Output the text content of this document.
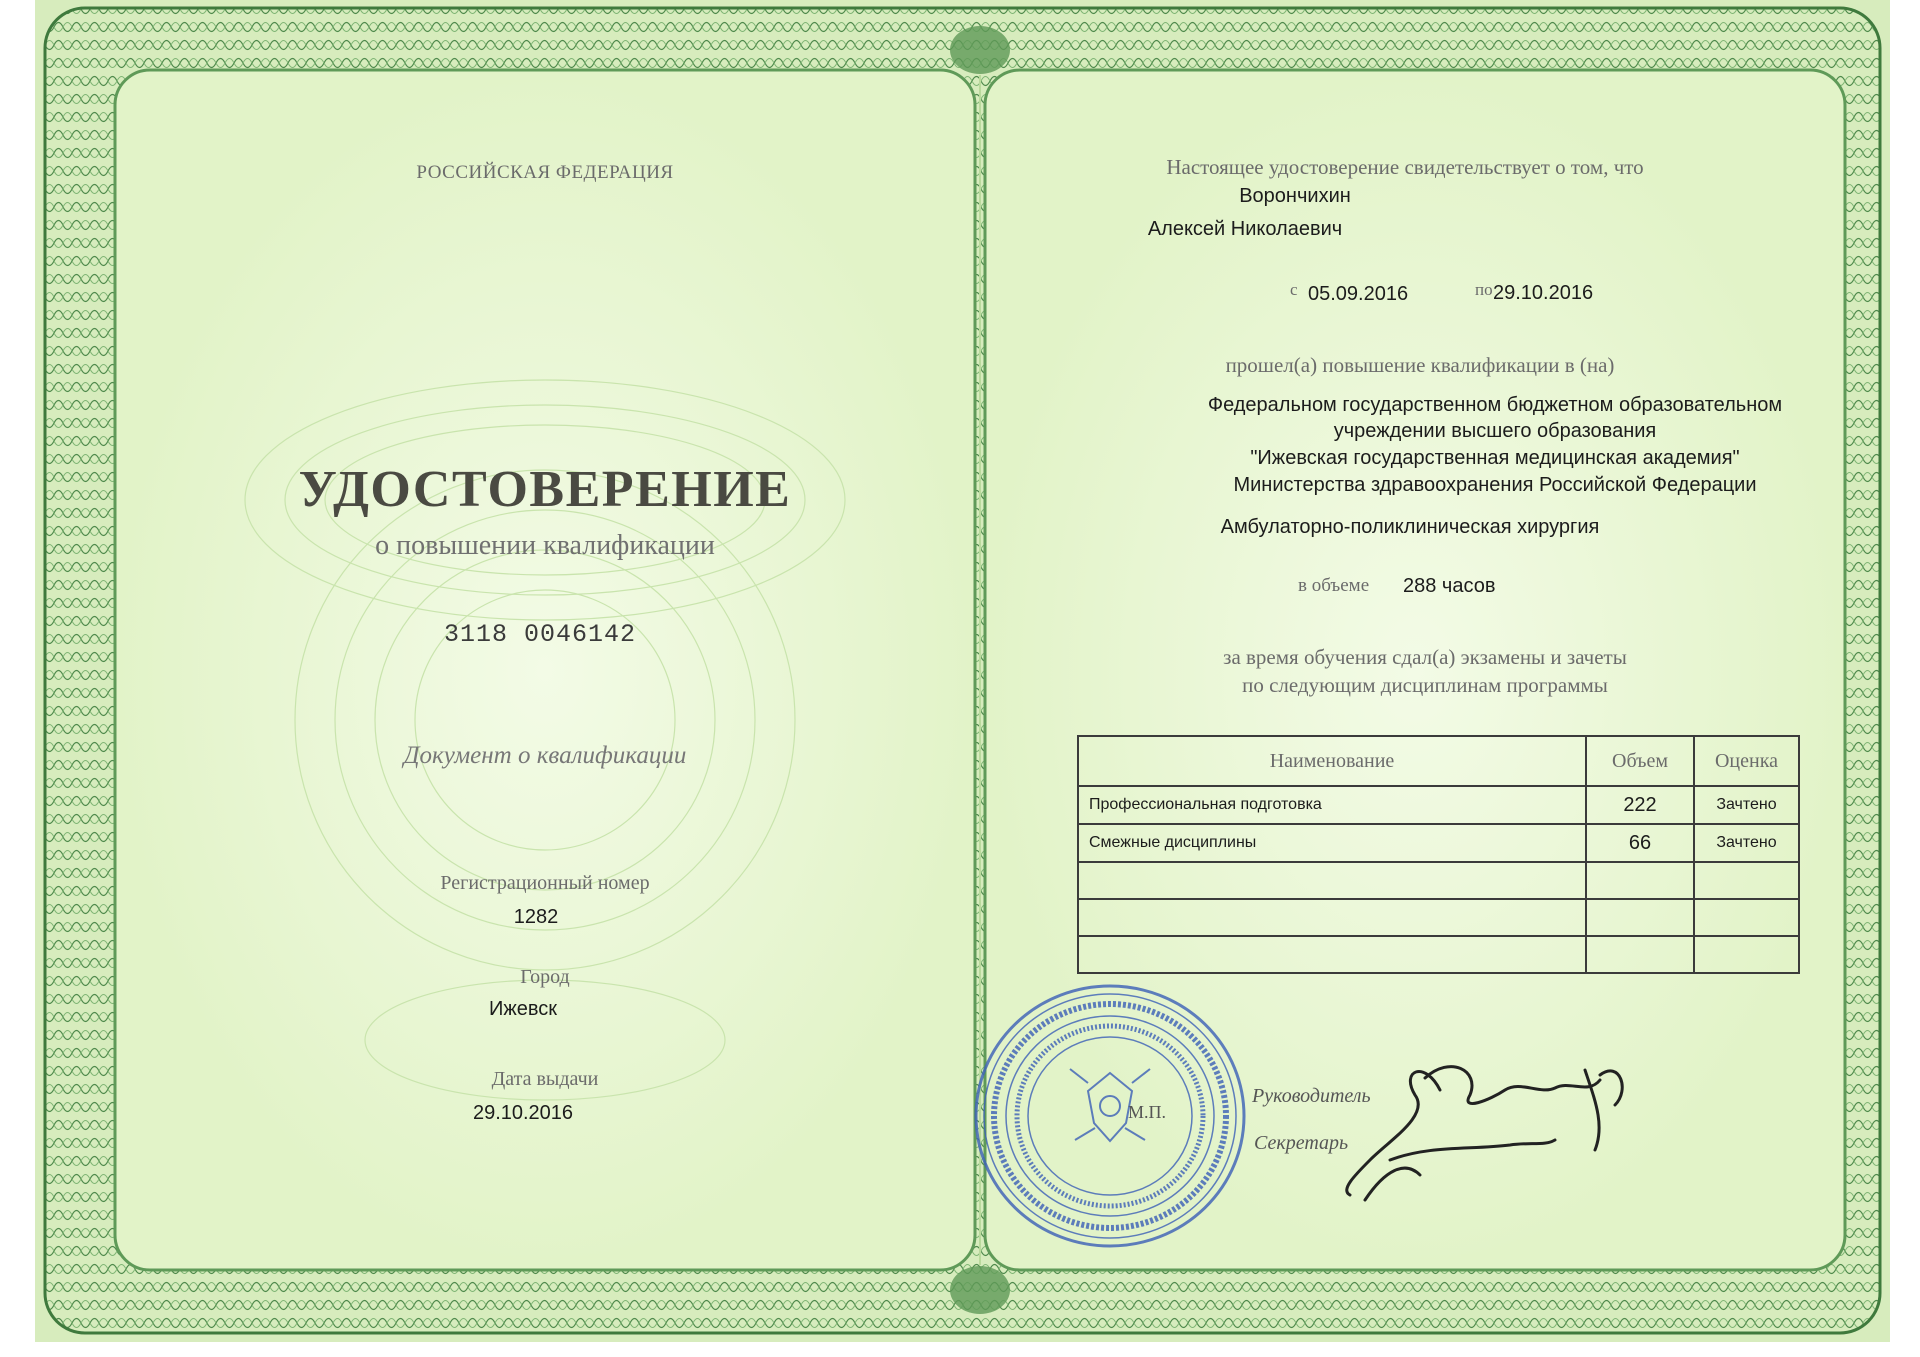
РОССИЙСКАЯ ФЕДЕРАЦИЯ
УДОСТОВЕРЕНИЕ
о повышении квалификации
3118 0046142
Документ о квалификации
Регистрационный номер
1282
Город
Ижевск
Дата выдачи
29.10.2016
Настоящее удостоверение свидетельствует о том, что
Ворончихин
Алексей Николаевич
с 05.09.2016	по 29.10.2016
прошел(а) повышение квалификации в (на)
Федеральном государственном бюджетном образовательном
учреждении высшего образования
"Ижевская государственная медицинская академия"
Министерства здравоохранения Российской Федерации
Амбулаторно-поликлиническая хирургия
в объеме 288 часов
за время обучения сдал(а) экзамены и зачеты
по следующим дисциплинам программы
Наименование	Объем	Оценка
Профессиональная подготовка	222	Зачтено
Смежные дисциплины	66	Зачтено

М.П.
Руководитель
Секретарь
